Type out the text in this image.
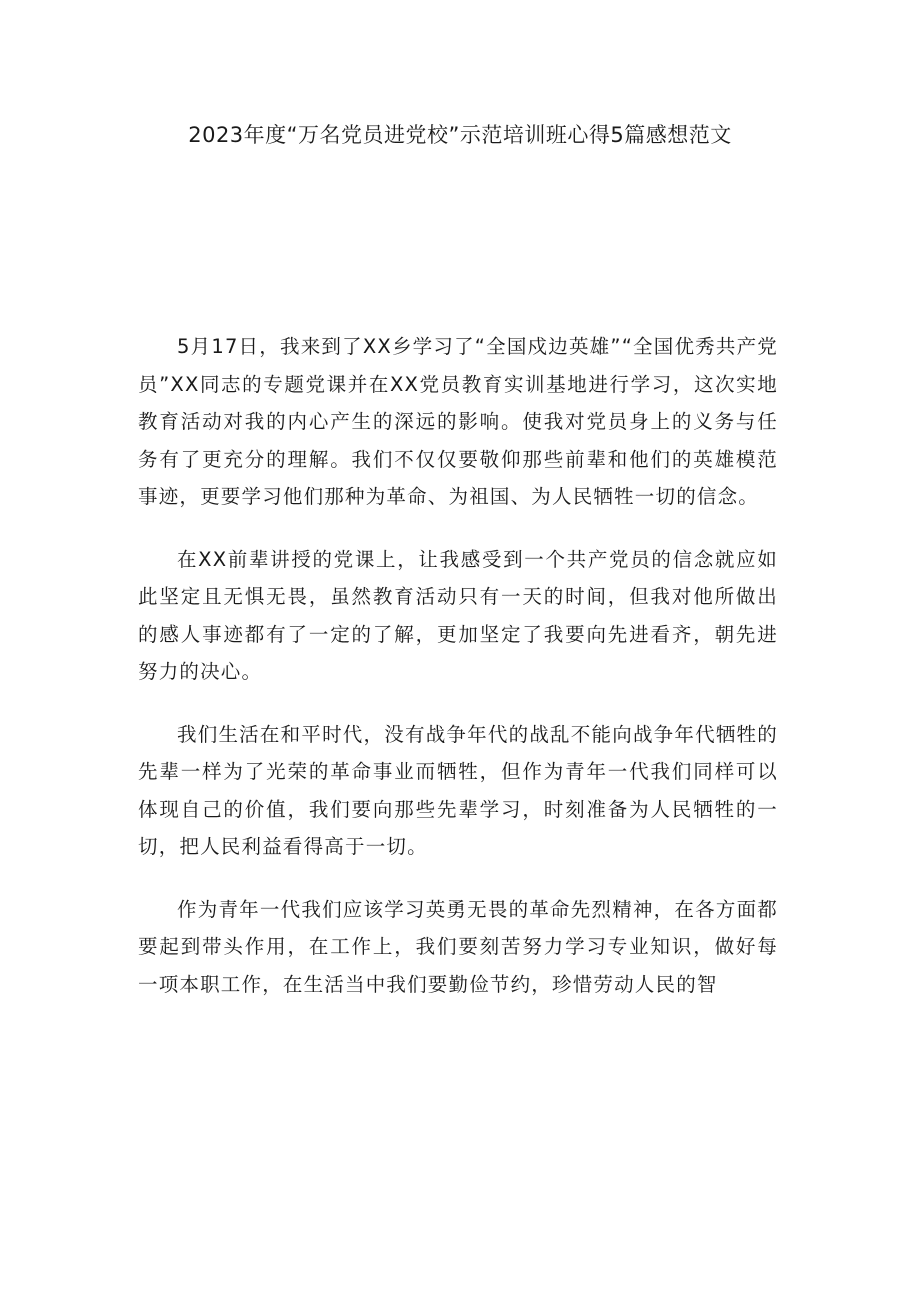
2023年度“万名党员进党校”示范培训班心得5篇感想范文

5月17日，我来到了XX乡学习了“全国戍边英雄”“全国优秀共产党员”XX同志的专题党课并在XX党员教育实训基地进行学习，这次实地教育活动对我的内心产生的深远的影响。使我对党员身上的义务与任务有了更充分的理解。我们不仅仅要敬仰那些前辈和他们的英雄模范事迹，更要学习他们那种为革命、为祖国、为人民牺牲一切的信念。

在XX前辈讲授的党课上，让我感受到一个共产党员的信念就应如此坚定且无惧无畏，虽然教育活动只有一天的时间，但我对他所做出的感人事迹都有了一定的了解，更加坚定了我要向先进看齐，朝先进努力的决心。

我们生活在和平时代，没有战争年代的战乱不能向战争年代牺牲的先辈一样为了光荣的革命事业而牺牲，但作为青年一代我们同样可以体现自己的价值，我们要向那些先辈学习，时刻准备为人民牺牲的一切，把人民利益看得高于一切。

作为青年一代我们应该学习英勇无畏的革命先烈精神，在各方面都要起到带头作用，在工作上，我们要刻苦努力学习专业知识，做好每一项本职工作，在生活当中我们要勤俭节约，珍惜劳动人民的智
